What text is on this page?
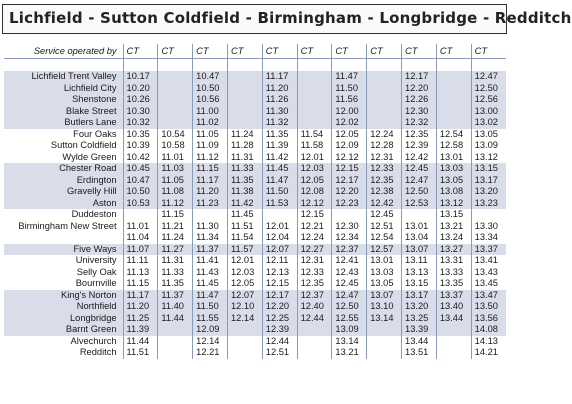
Lichfield - Sutton Coldfield - Birmingham - Longbridge - Redditch
Service operated by	CT	CT	CT	CT	CT	CT	CT	CT	CT	CT	CT

Lichfield Trent Valley	10.17		10.47		11.17		11.47		12.17		12.47
Lichfield City	10.20		10.50		11.20		11.50		12.20		12.50
Shenstone	10.26		10.56		11.26		11.56		12.26		12.56
Blake Street	10.30		11.00		11.30		12.00		12.30		13.00
Butlers Lane	10.32		11.02		11.32		12.02		12.32		13.02
Four Oaks	10.35	10.54	11.05	11.24	11.35	11.54	12.05	12.24	12.35	12.54	13.05
Sutton Coldfield	10.39	10.58	11.09	11.28	11.39	11.58	12.09	12.28	12.39	12.58	13.09
Wylde Green	10.42	11.01	11.12	11.31	11.42	12.01	12.12	12.31	12.42	13.01	13.12
Chester Road	10.45	11.03	11.15	11.33	11.45	12.03	12.15	12.33	12.45	13.03	13.15
Erdington	10.47	11.05	11.17	11.35	11.47	12.05	12.17	12.35	12.47	13.05	13.17
Gravelly Hill	10.50	11.08	11.20	11.38	11.50	12.08	12.20	12.38	12.50	13.08	13.20
Aston	10.53	11.12	11.23	11.42	11.53	12.12	12.23	12.42	12.53	13.12	13.23
Duddeston		11.15		11.45		12.15		12.45		13.15	
Birmingham New Street	11.01	11.21	11.30	11.51	12.01	12.21	12.30	12.51	13.01	13.21	13.30
	11.04	11.24	11.34	11.54	12.04	12.24	12.34	12.54	13.04	13.24	13.34
Five Ways	11.07	11.27	11.37	11.57	12.07	12.27	12.37	12.57	13.07	13.27	13.37
University	11.11	11.31	11.41	12.01	12.11	12.31	12.41	13.01	13.11	13.31	13.41
Selly Oak	11.13	11.33	11.43	12.03	12.13	12.33	12.43	13.03	13.13	13.33	13.43
Bournville	11.15	11.35	11.45	12.05	12.15	12.35	12.45	13.05	13.15	13.35	13.45
King's Norton	11.17	11.37	11.47	12.07	12.17	12.37	12.47	13.07	13.17	13.37	13.47
Northfield	11.20	11.40	11.50	12.10	12.20	12.40	12.50	13.10	13.20	13.40	13.50
Longbridge	11.25	11.44	11.55	12.14	12.25	12.44	12.55	13.14	13.25	13.44	13.56
Barnt Green	11.39		12.09		12.39		13.09		13.39		14.08
Alvechurch	11.44		12.14		12.44		13.14		13.44		14.13
Redditch	11.51		12.21		12.51		13.21		13.51		14.21
